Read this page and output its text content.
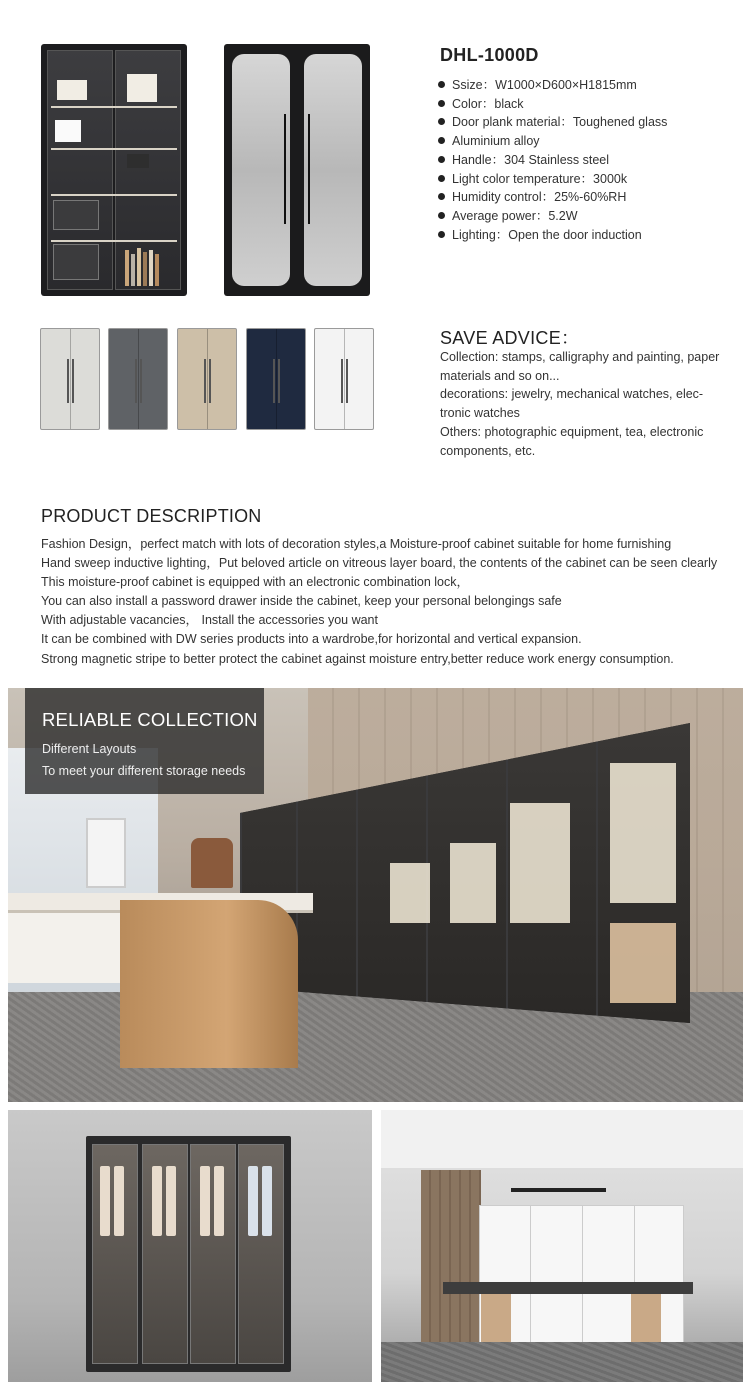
DHL-1000D
Ssize：W1000×D600×H1815mm
Color：black
Door plank material：Toughened glass
Aluminium alloy
Handle：304 Stainless steel
Light color temperature：3000k
Humidity control：25%-60%RH
Average power：5.2W
Lighting：Open the door induction
SAVE ADVICE：

Collection: stamps, calligraphy and painting, paper materials and so on...

decorations: jewelry, mechanical watches, elec-tronic watches

Others: photographic equipment, tea, electronic components, etc.

PRODUCT DESCRIPTION

Fashion Design，perfect match with lots of decoration styles,a Moisture-proof cabinet suitable for home furnishing

Hand sweep inductive lighting，Put beloved article on vitreous layer board, the contents of the cabinet can be seen clearly

This moisture-proof cabinet is equipped with an electronic combination lock，

You can also install a password drawer inside the cabinet, keep your personal belongings safe

With adjustable vacancies， Install the accessories you want

It can be combined with DW series products into a wardrobe,for horizontal and vertical expansion.

Strong magnetic stripe to better protect the cabinet against moisture entry,better reduce work energy consumption.

RELIABLE COLLECTION
Different Layouts
To meet your different storage needs
